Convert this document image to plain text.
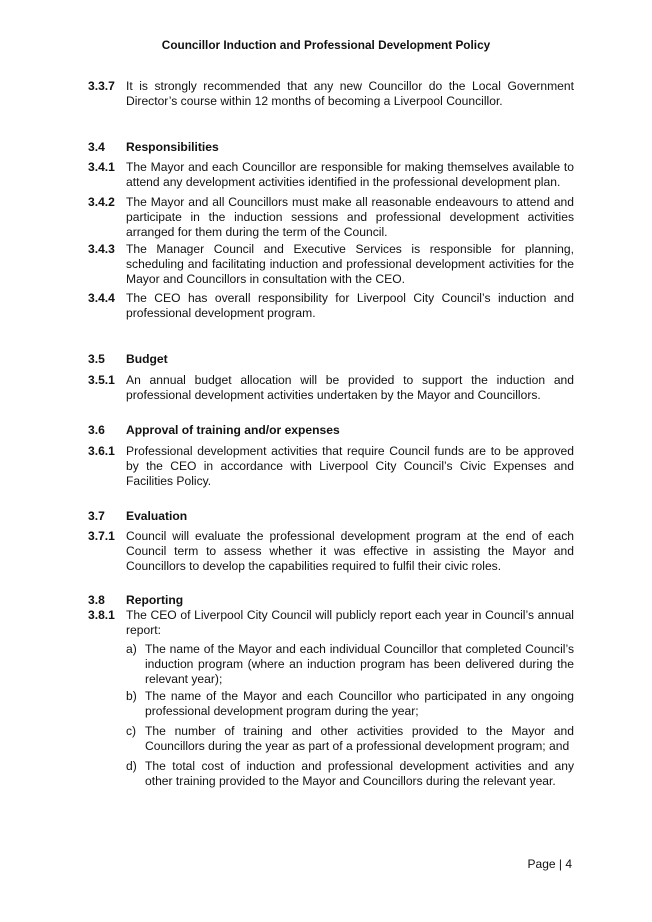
Councillor Induction and Professional Development Policy
3.3.7 It is strongly recommended that any new Councillor do the Local Government Director’s course within 12 months of becoming a Liverpool Councillor.
3.4 Responsibilities
3.4.1 The Mayor and each Councillor are responsible for making themselves available to attend any development activities identified in the professional development plan.
3.4.2 The Mayor and all Councillors must make all reasonable endeavours to attend and participate in the induction sessions and professional development activities arranged for them during the term of the Council.
3.4.3 The Manager Council and Executive Services is responsible for planning, scheduling and facilitating induction and professional development activities for the Mayor and Councillors in consultation with the CEO.
3.4.4 The CEO has overall responsibility for Liverpool City Council’s induction and professional development program.
3.5 Budget
3.5.1 An annual budget allocation will be provided to support the induction and professional development activities undertaken by the Mayor and Councillors.
3.6 Approval of training and/or expenses
3.6.1 Professional development activities that require Council funds are to be approved by the CEO in accordance with Liverpool City Council’s Civic Expenses and Facilities Policy.
3.7 Evaluation
3.7.1 Council will evaluate the professional development program at the end of each Council term to assess whether it was effective in assisting the Mayor and Councillors to develop the capabilities required to fulfil their civic roles.
3.8 Reporting
3.8.1 The CEO of Liverpool City Council will publicly report each year in Council’s annual report:
a) The name of the Mayor and each individual Councillor that completed Council’s induction program (where an induction program has been delivered during the relevant year);
b) The name of the Mayor and each Councillor who participated in any ongoing professional development program during the year;
c) The number of training and other activities provided to the Mayor and Councillors during the year as part of a professional development program; and
d) The total cost of induction and professional development activities and any other training provided to the Mayor and Councillors during the relevant year.
Page | 4
